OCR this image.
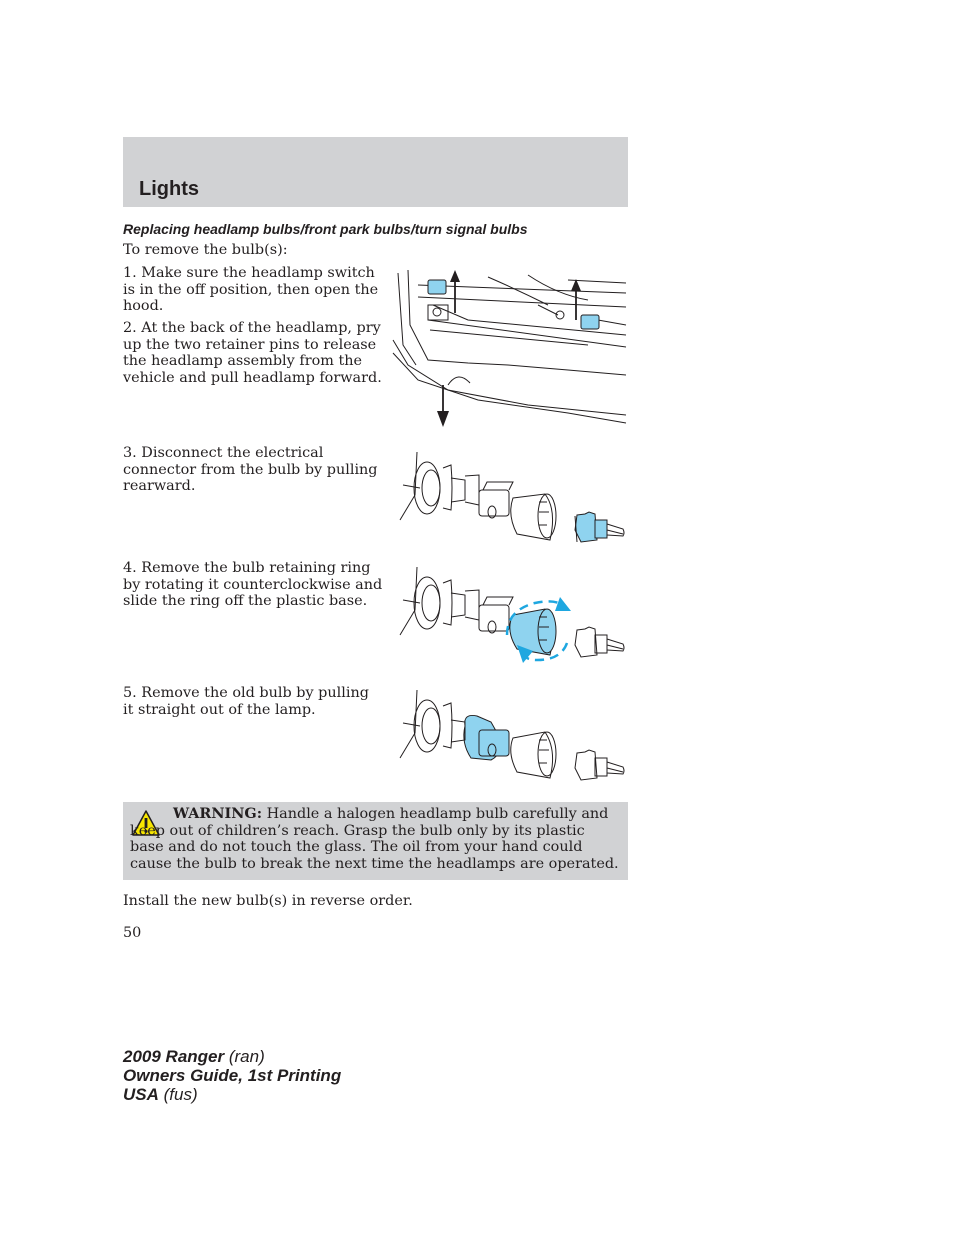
Lights
Replacing headlamp bulbs/front park bulbs/turn signal bulbs
To remove the bulb(s):
1. Make sure the headlamp switch is in the off position, then open the hood.
2. At the back of the headlamp, pry up the two retainer pins to release the headlamp assembly from the vehicle and pull headlamp forward.
3. Disconnect the electrical connector from the bulb by pulling rearward.
4. Remove the bulb retaining ring by rotating it counterclockwise and slide the ring off the plastic base.
5. Remove the old bulb by pulling it straight out of the lamp.
WARNING: Handle a halogen headlamp bulb carefully and keep out of children’s reach. Grasp the bulb only by its plastic base and do not touch the glass. The oil from your hand could cause the bulb to break the next time the headlamps are operated.
Install the new bulb(s) in reverse order.
50
2009 Ranger (ran)
Owners Guide, 1st Printing
USA (fus)
